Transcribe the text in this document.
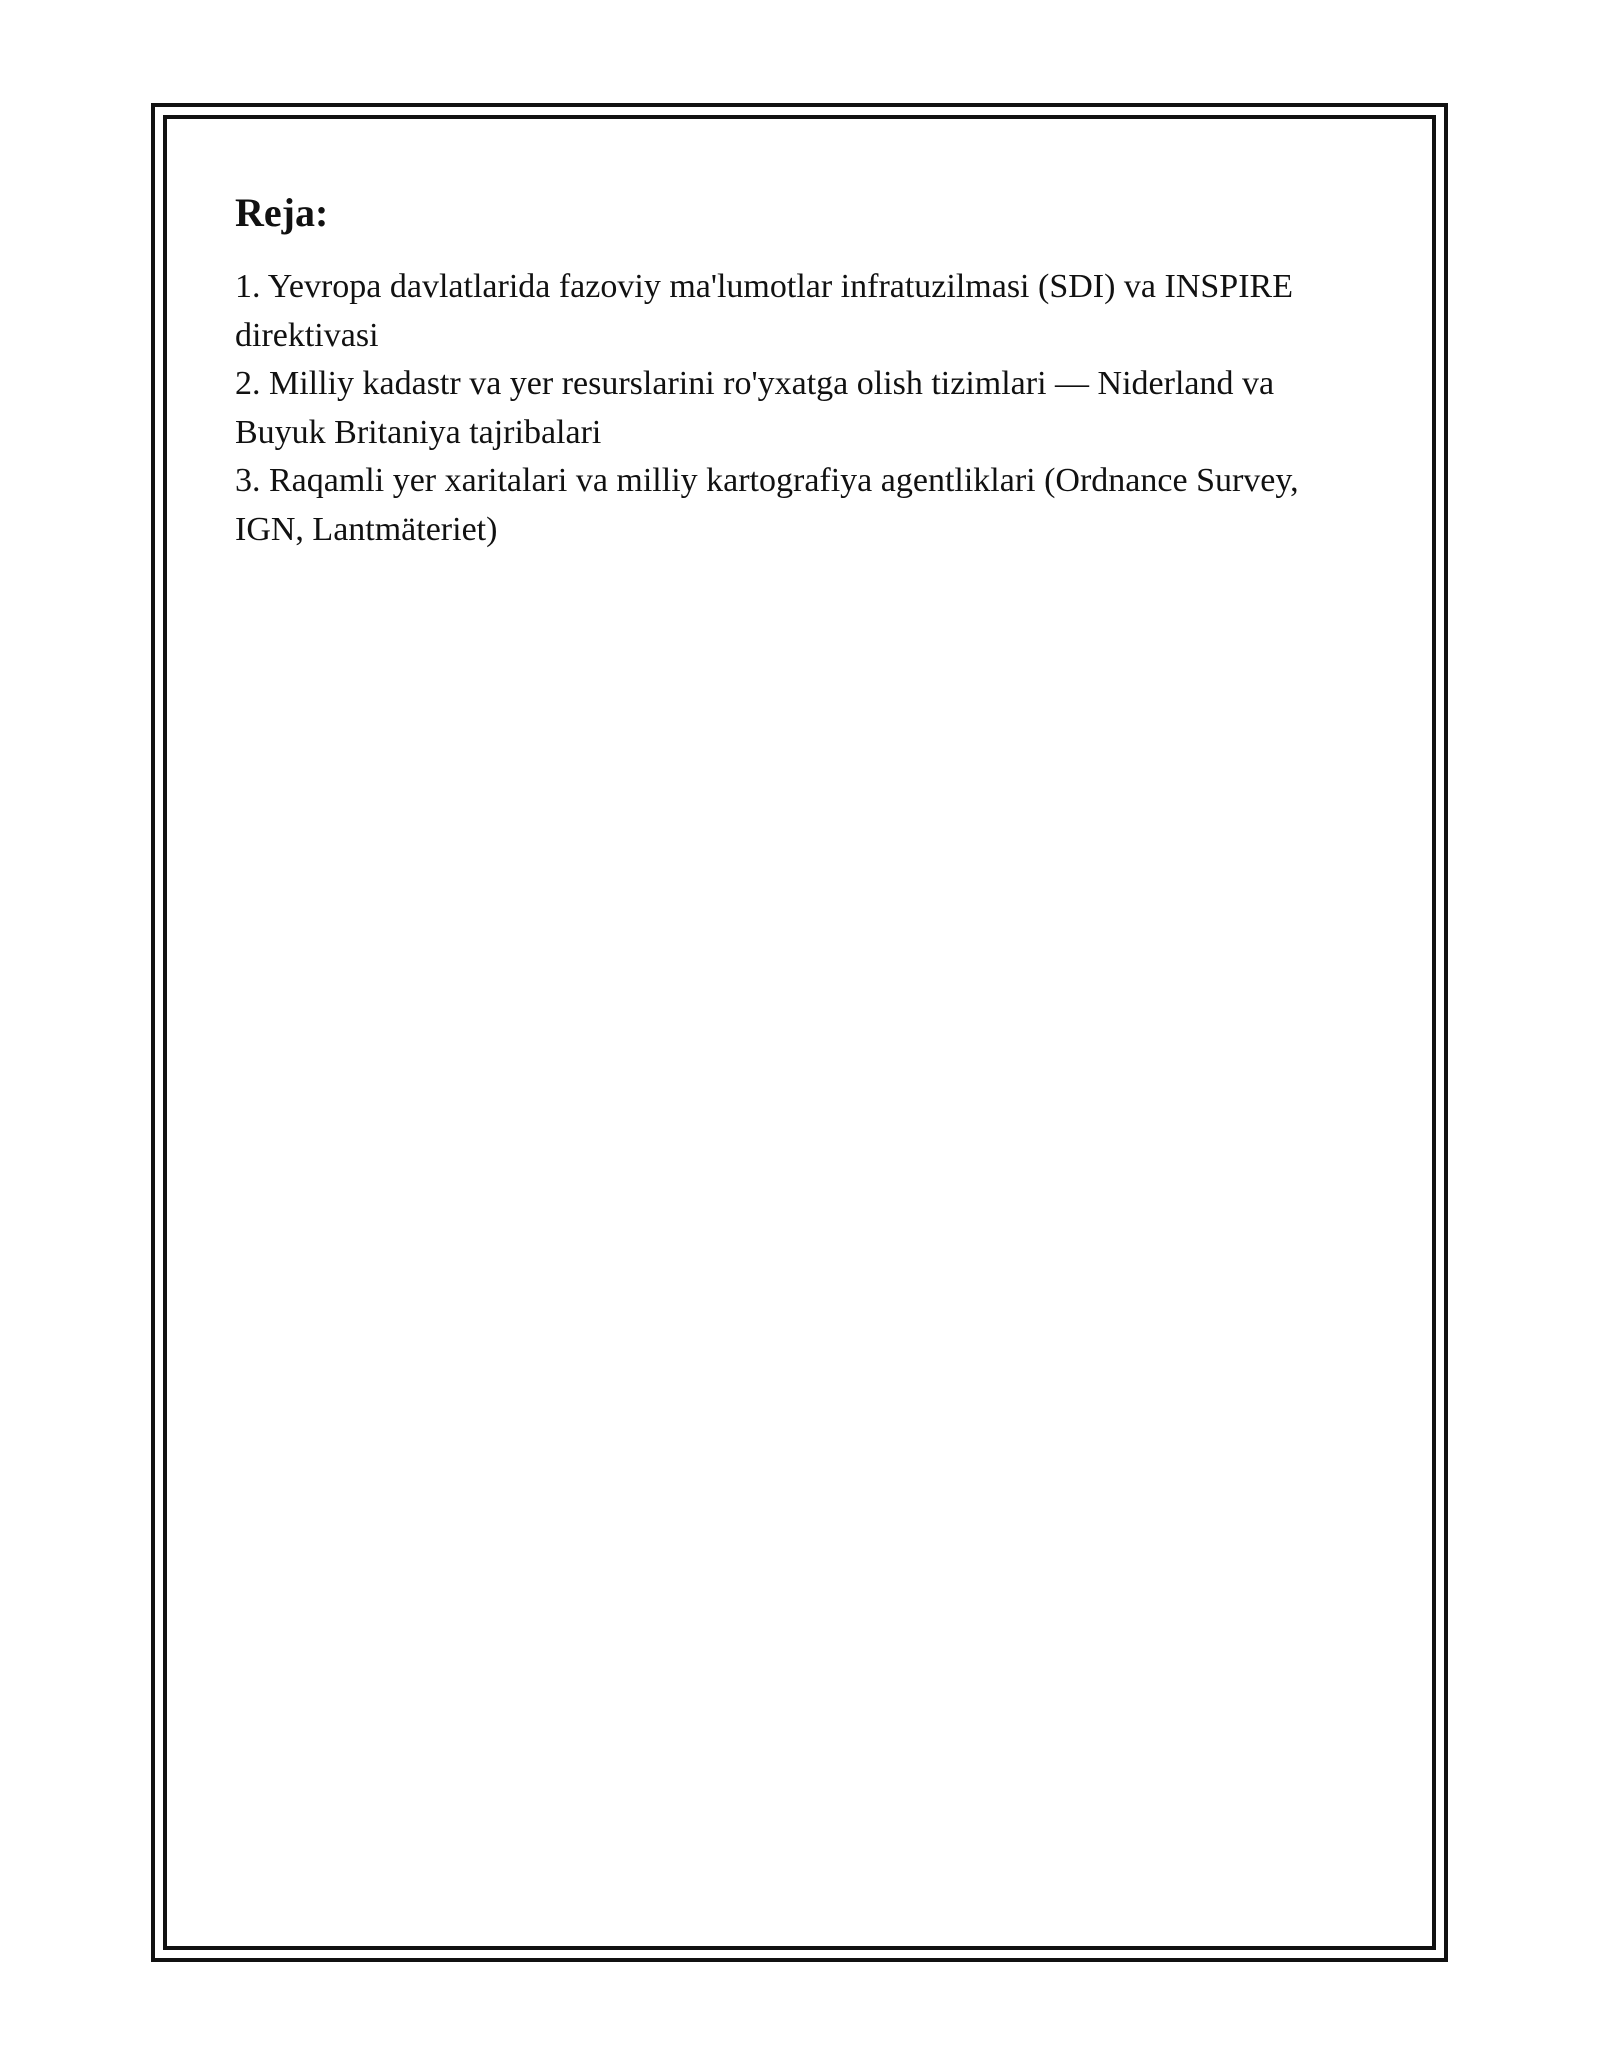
Reja:
1. Yevropa davlatlarida fazoviy ma'lumotlar infratuzilmasi (SDI) va INSPIRE direktivasi
2. Milliy kadastr va yer resurslarini ro'yxatga olish tizimlari — Niderland va Buyuk Britaniya tajribalari
3. Raqamli yer xaritalari va milliy kartografiya agentliklari (Ordnance Survey, IGN, Lantmäteriet)
